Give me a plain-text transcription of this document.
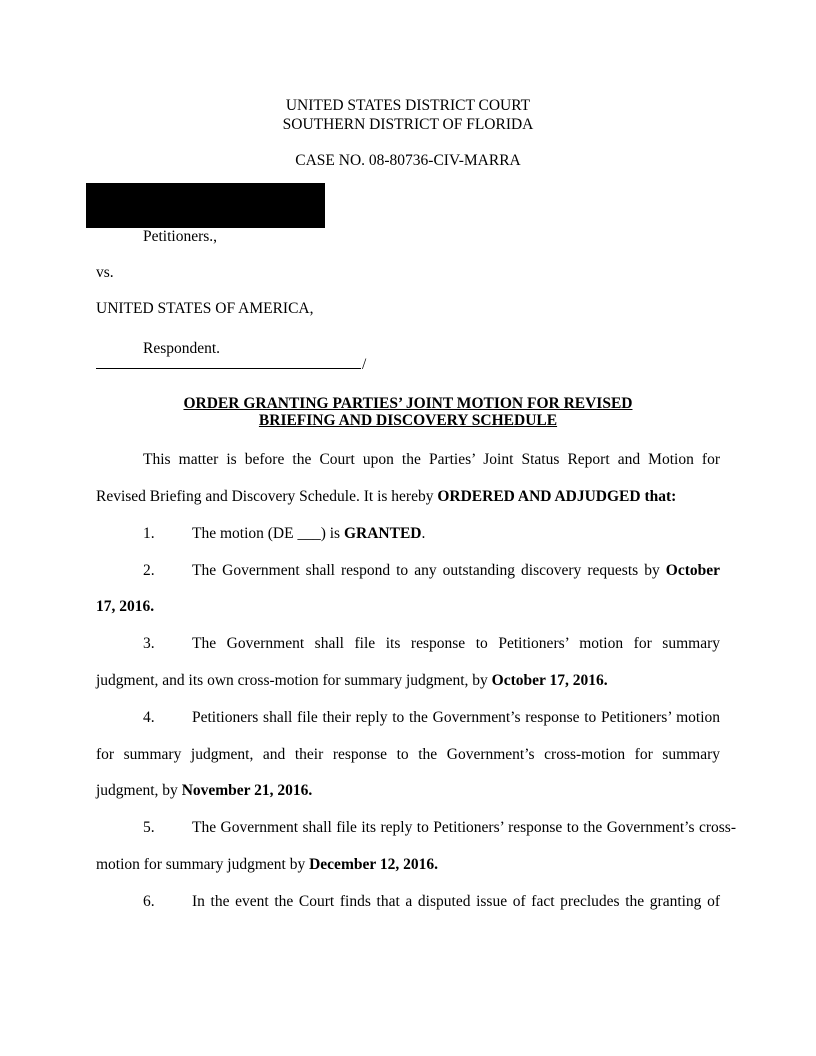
UNITED STATES DISTRICT COURT
SOUTHERN DISTRICT OF FLORIDA
CASE NO. 08-80736-CIV-MARRA
Petitioners.,
vs.
UNITED STATES OF AMERICA,
Respondent.
/
ORDER GRANTING PARTIES’ JOINT MOTION FOR REVISED
BRIEFING AND DISCOVERY SCHEDULE
This matter is before the Court upon the Parties’ Joint Status Report and Motion for
Revised Briefing and Discovery Schedule. It is hereby ORDERED AND ADJUDGED that:
1. The motion (DE ___) is GRANTED.
2. The Government shall respond to any outstanding discovery requests by October
17, 2016.
3. The Government shall file its response to Petitioners’ motion for summary
judgment, and its own cross-motion for summary judgment, by October 17, 2016.
4. Petitioners shall file their reply to the Government’s response to Petitioners’ motion
for summary judgment, and their response to the Government’s cross-motion for summary
judgment, by November 21, 2016.
5. The Government shall file its reply to Petitioners’ response to the Government’s cross-
motion for summary judgment by December 12, 2016.
6. In the event the Court finds that a disputed issue of fact precludes the granting of
